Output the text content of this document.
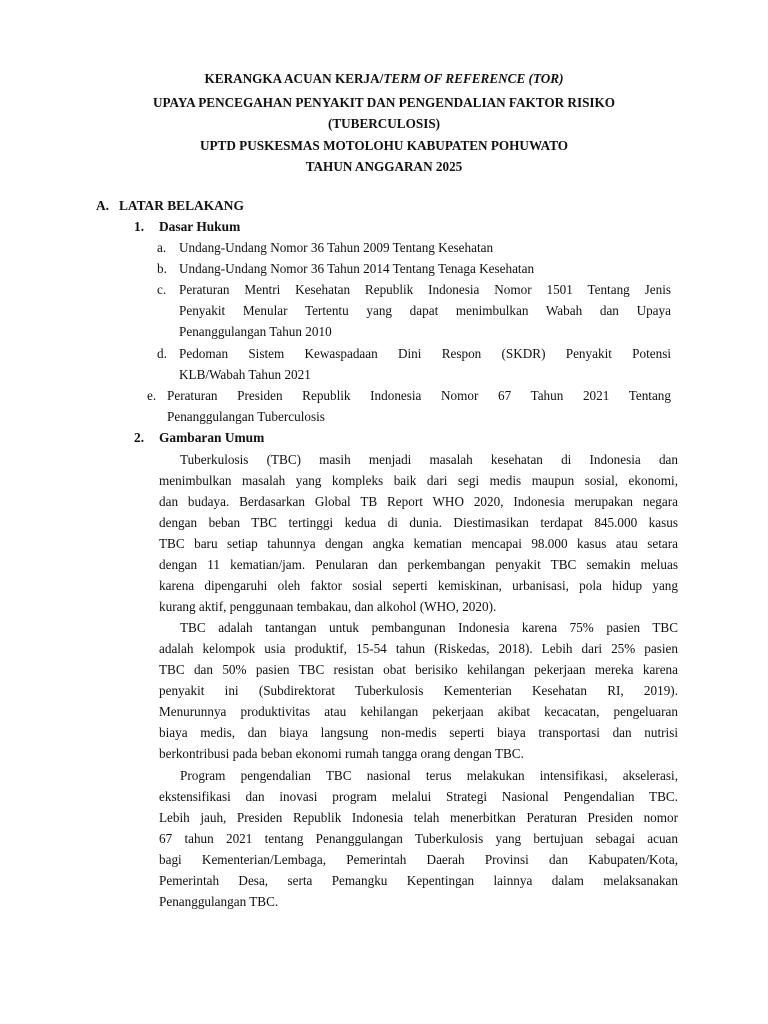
KERANGKA ACUAN KERJA/TERM OF REFERENCE (TOR)
UPAYA PENCEGAHAN PENYAKIT DAN PENGENDALIAN FAKTOR RISIKO
(TUBERCULOSIS)
UPTD PUSKESMAS MOTOLOHU KABUPATEN POHUWATO
TAHUN ANGGARAN 2025
A. LATAR BELAKANG
1. Dasar Hukum
a. Undang-Undang Nomor 36 Tahun 2009 Tentang Kesehatan
b. Undang-Undang Nomor 36 Tahun 2014 Tentang Tenaga Kesehatan
c. Peraturan Mentri Kesehatan Republik Indonesia Nomor 1501 Tentang Jenis
Penyakit Menular Tertentu yang dapat menimbulkan Wabah dan Upaya
Penanggulangan Tahun 2010
d. Pedoman Sistem Kewaspadaan Dini Respon (SKDR) Penyakit Potensi
KLB/Wabah Tahun 2021
e. Peraturan Presiden Republik Indonesia Nomor 67 Tahun 2021 Tentang
Penanggulangan Tuberculosis
2. Gambaran Umum
Tuberkulosis (TBC) masih menjadi masalah kesehatan di Indonesia dan
menimbulkan masalah yang kompleks baik dari segi medis maupun sosial, ekonomi,
dan budaya. Berdasarkan Global TB Report WHO 2020, Indonesia merupakan negara
dengan beban TBC tertinggi kedua di dunia. Diestimasikan terdapat 845.000 kasus
TBC baru setiap tahunnya dengan angka kematian mencapai 98.000 kasus atau setara
dengan 11 kematian/jam. Penularan dan perkembangan penyakit TBC semakin meluas
karena dipengaruhi oleh faktor sosial seperti kemiskinan, urbanisasi, pola hidup yang
kurang aktif, penggunaan tembakau, dan alkohol (WHO, 2020).
TBC adalah tantangan untuk pembangunan Indonesia karena 75% pasien TBC
adalah kelompok usia produktif, 15-54 tahun (Riskedas, 2018). Lebih dari 25% pasien
TBC dan 50% pasien TBC resistan obat berisiko kehilangan pekerjaan mereka karena
penyakit ini (Subdirektorat Tuberkulosis Kementerian Kesehatan RI, 2019).
Menurunnya produktivitas atau kehilangan pekerjaan akibat kecacatan, pengeluaran
biaya medis, dan biaya langsung non-medis seperti biaya transportasi dan nutrisi
berkontribusi pada beban ekonomi rumah tangga orang dengan TBC.
Program pengendalian TBC nasional terus melakukan intensifikasi, akselerasi,
ekstensifikasi dan inovasi program melalui Strategi Nasional Pengendalian TBC.
Lebih jauh, Presiden Republik Indonesia telah menerbitkan Peraturan Presiden nomor
67 tahun 2021 tentang Penanggulangan Tuberkulosis yang bertujuan sebagai acuan
bagi Kementerian/Lembaga, Pemerintah Daerah Provinsi dan Kabupaten/Kota,
Pemerintah Desa, serta Pemangku Kepentingan lainnya dalam melaksanakan
Penanggulangan TBC.
